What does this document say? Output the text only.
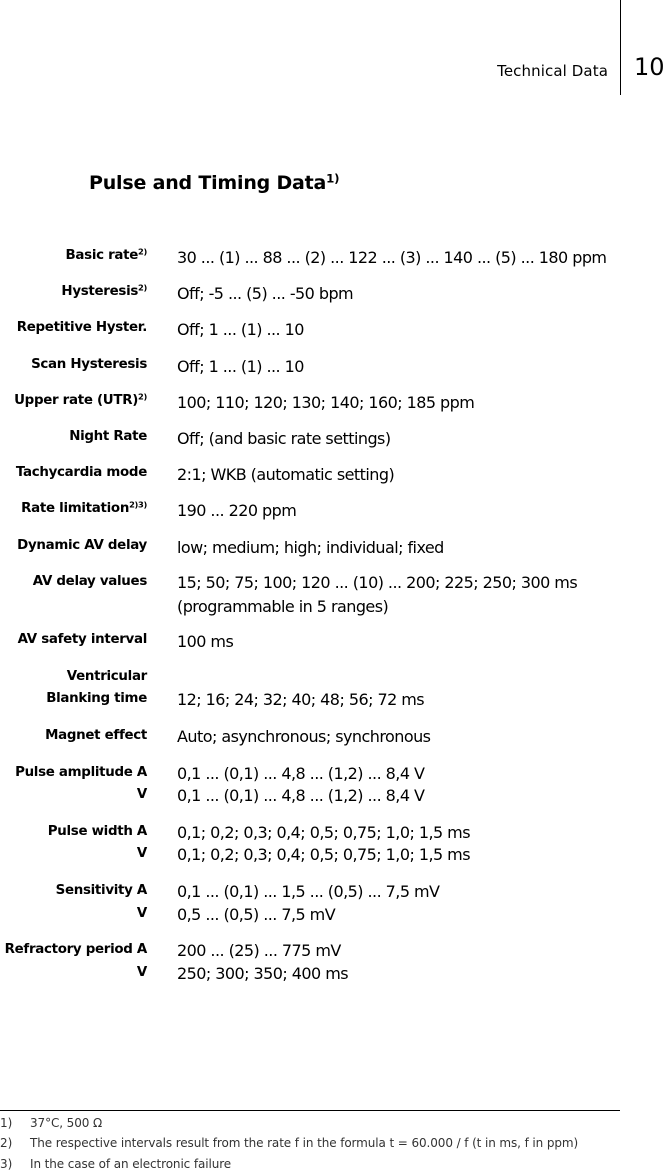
Technical Data 10
Pulse and Timing Data$^{1)}$
Basic rate$^{2)}$ 30 ... (1) ... 88 ... (2) ... 122 ... (3) ... 140 ... (5) ... 180 ppm
Hysteresis$^{2)}$ Off; -5 ... (5) ... -50 bpm
Repetitive Hyster. Off; 1 ... (1) ... 10
Scan Hysteresis Off; 1 ... (1) ... 10
Upper rate (UTR)$^{2)}$ 100; 110; 120; 130; 140; 160; 185 ppm
Night Rate Off; (and basic rate settings)
Tachycardia mode 2:1; WKB (automatic setting)
Rate limitation$^{2)3)}$ 190 ... 220 ppm
Dynamic AV delay low; medium; high; individual; fixed
AV delay values 15; 50; 75; 100; 120 ... (10) ... 200; 225; 250; 300 ms
(programmable in 5 ranges)
AV safety interval 100 ms
Ventricular
Blanking time 12; 16; 24; 32; 40; 48; 56; 72 ms
Magnet effect Auto; asynchronous; synchronous
Pulse amplitude A 0,1 ... (0,1) ... 4,8 ... (1,2) ... 8,4 V
V 0,1 ... (0,1) ... 4,8 ... (1,2) ... 8,4 V
Pulse width A 0,1; 0,2; 0,3; 0,4; 0,5; 0,75; 1,0; 1,5 ms
V 0,1; 0,2; 0,3; 0,4; 0,5; 0,75; 1,0; 1,5 ms
Sensitivity A 0,1 ... (0,1) ... 1,5 ... (0,5) ... 7,5 mV
V 0,5 ... (0,5) ... 7,5 mV
Refractory period A 200 ... (25) ... 775 mV
V 250; 300; 350; 400 ms
1) 37°C, 500 Ω
2) The respective intervals result from the rate f in the formula t = 60.000 / f (t in ms, f in ppm)
3) In the case of an electronic failure
